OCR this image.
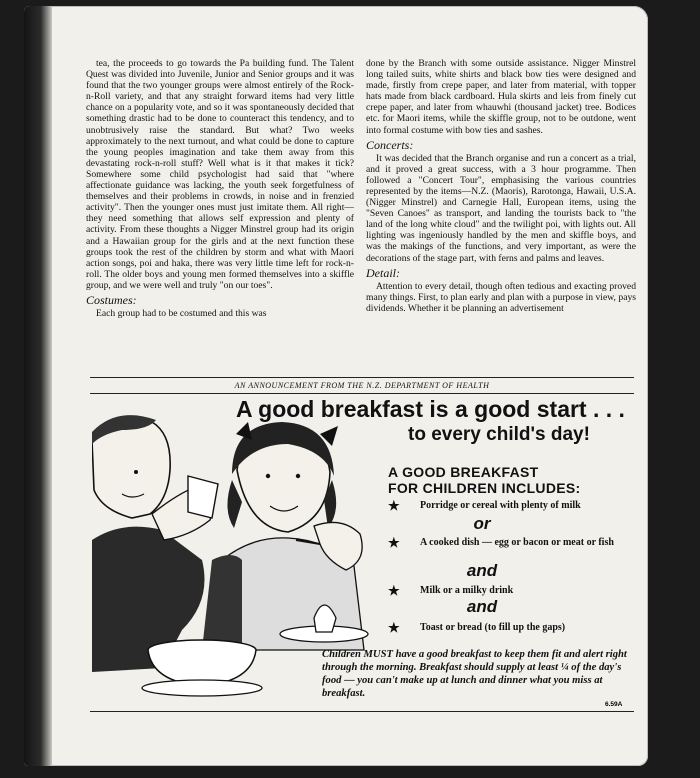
tea, the proceeds to go towards the Pa building fund. The Talent Quest was divided into Juvenile, Junior and Senior groups and it was found that the two younger groups were almost entirely of the Rock-n-Roll variety, and that any straight forward items had very little chance on a popularity vote, and so it was spontaneously decided that something drastic had to be done to counteract this tendency, and to unobtrusively raise the standard. But what? Two weeks approximately to the next turnout, and what could be done to capture the young peoples imagination and take them away from this devastating rock-n-roll stuff? Well what is it that makes it tick? Somewhere some child psychologist had said that "where affectionate guidance was lacking, the youth seek forgetfulness of themselves and their problems in crowds, in noise and in frenzied activity". Then the younger ones must just imitate them. All right—they need something that allows self expression and plenty of activity. From these thoughts a Nigger Minstrel group had its origin and a Hawaiian group for the girls and at the next function these groups took the rest of the children by storm and what with Maori action songs, poi and haka, there was very little time left for rock-n-roll. The older boys and young men formed themselves into a skiffle group, and we were well and truly "on our toes".

Costumes:

Each group had to be costumed and this was

done by the Branch with some outside assistance. Nigger Minstrel long tailed suits, white shirts and black bow ties were designed and made, firstly from crepe paper, and later from material, with topper hats made from black cardboard. Hula skirts and leis from finely cut crepe paper, and later from whauwhi (thousand jacket) tree. Bodices etc. for Maori items, while the skiffle group, not to be outdone, went into formal costume with bow ties and sashes.

Concerts:

It was decided that the Branch organise and run a concert as a trial, and it proved a great success, with a 3 hour programme. Then followed a "Concert Tour", emphasising the various countries represented by the items—N.Z. (Maoris), Rarotonga, Hawaii, U.S.A. (Nigger Minstrel) and Carnegie Hall, European items, using the "Seven Canoes" as transport, and landing the tourists back to "the land of the long white cloud" and the twilight poi, with lights out. All lighting was ingeniously handled by the men and skiffle boys, and was the makings of the functions, and very important, as were the decorations of the stage part, with ferns and palms and leaves.

Detail:

Attention to every detail, though often tedious and exacting proved many things. First, to plan early and plan with a purpose in view, pays dividends. Whether it be planning an advertisement

AN ANNOUNCEMENT FROM THE N.Z. DEPARTMENT OF HEALTH
A good breakfast is a good start . . .
to every child's day!
A GOOD BREAKFAST
FOR CHILDREN INCLUDES:
★ Porridge or cereal with plenty of milk
or
★ A cooked dish — egg or bacon or meat or fish
and
★ Milk or a milky drink
and
★ Toast or bread (to fill up the gaps)
Children MUST have a good breakfast to keep them fit and alert right through the morning. Breakfast should supply at least ¼ of the day's food — you can't make up at lunch and dinner what you miss at breakfast.
6.59A
